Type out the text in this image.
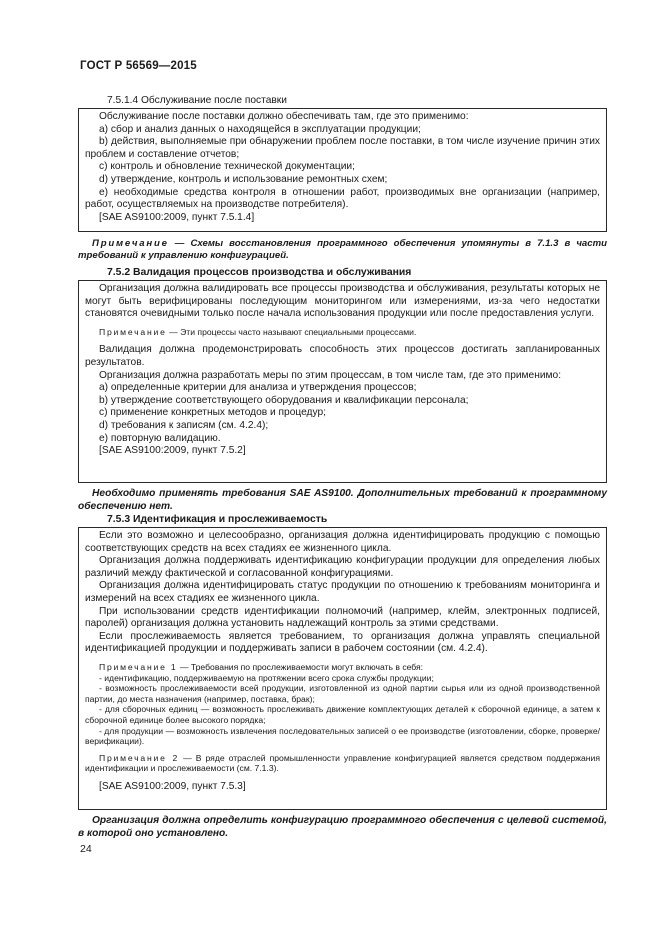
ГОСТ Р 56569—2015
7.5.1.4 Обслуживание после поставки

Обслуживание после поставки должно обеспечивать там, где это применимо:

a) сбор и анализ данных о находящейся в эксплуатации продукции;

b) действия, выполняемые при обнаружении проблем после поставки, в том числе изучение причин этих проблем и составление отчетов;

c) контроль и обновление технической документации;

d) утверждение, контроль и использование ремонтных схем;

e) необходимые средства контроля в отношении работ, производимых вне организации (например, работ, осуществляемых на производстве потребителя).

[SAE AS9100:2009, пункт 7.5.1.4]

Примечание — Схемы восстановления программного обеспечения упомянуты в 7.1.3 в части требований к управлению конфигурацией.

7.5.2 Валидация процессов производства и обслуживания

Организация должна валидировать все процессы производства и обслуживания, результаты которых не могут быть верифицированы последующим мониторингом или измерениями, из-за чего недостатки становятся очевидными только после начала использования продукции или после предоставления услуги.

Примечание — Эти процессы часто называют специальными процессами.

Валидация должна продемонстрировать способность этих процессов достигать запланированных результатов.

Организация должна разработать меры по этим процессам, в том числе там, где это применимо:

a) определенные критерии для анализа и утверждения процессов;

b) утверждение соответствующего оборудования и квалификации персонала;

c) применение конкретных методов и процедур;

d) требования к записям (см. 4.2.4);

e) повторную валидацию.

[SAE AS9100:2009, пункт 7.5.2]

Необходимо применять требования SAE AS9100. Дополнительных требований к программному обеспечению нет.

7.5.3 Идентификация и прослеживаемость

Если это возможно и целесообразно, организация должна идентифицировать продукцию с помощью соответствующих средств на всех стадиях ее жизненного цикла.

Организация должна поддерживать идентификацию конфигурации продукции для определения любых различий между фактической и согласованной конфигурациями.

Организация должна идентифицировать статус продукции по отношению к требованиям мониторинга и измерений на всех стадиях ее жизненного цикла.

При использовании средств идентификации полномочий (например, клейм, электронных подписей, паролей) организация должна установить надлежащий контроль за этими средствами.

Если прослеживаемость является требованием, то организация должна управлять специальной идентификацией продукции и поддерживать записи в рабочем состоянии (см. 4.2.4).

Примечание 1 — Требования по прослеживаемости могут включать в себя:

- идентификацию, поддерживаемую на протяжении всего срока службы продукции;

- возможность прослеживаемости всей продукции, изготовленной из одной партии сырья или из одной производственной партии, до места назначения (например, поставка, брак);

- для сборочных единиц — возможность прослеживать движение комплектующих деталей к сборочной единице, а затем к сборочной единице более высокого порядка;

- для продукции — возможность извлечения последовательных записей о ее производстве (изготовлении, сборке, проверке/верификации).

Примечание 2 — В ряде отраслей промышленности управление конфигурацией является средством поддержания идентификации и прослеживаемости (см. 7.1.3).

[SAE AS9100:2009, пункт 7.5.3]

Организация должна определить конфигурацию программного обеспечения с целевой системой, в которой оно установлено.

24
